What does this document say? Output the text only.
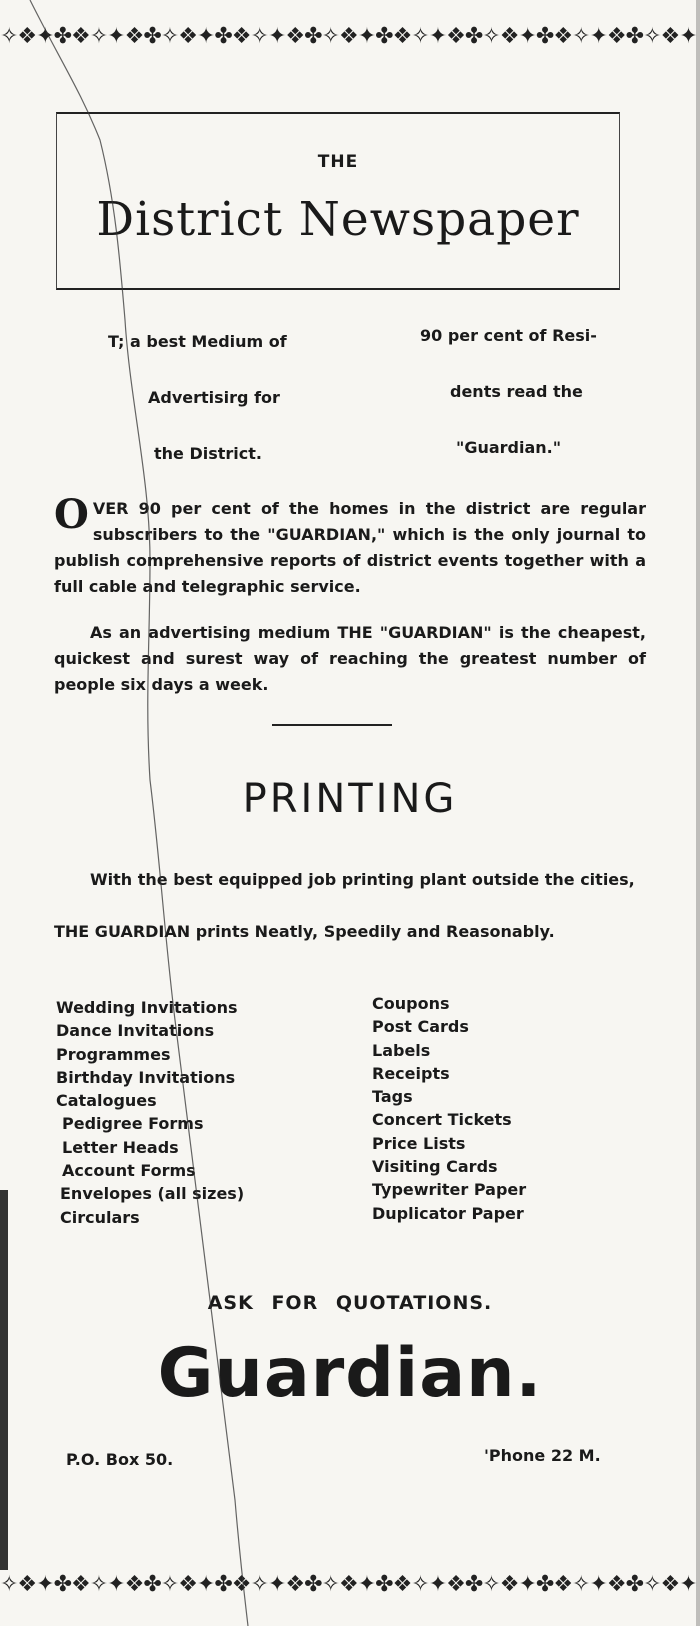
✧❖✦✤❖✧✦❖✤✧❖✦✤❖✧✦❖✤✧❖✦✤❖✧✦❖✤✧❖✦✤❖✧✦❖✤✧❖✦
THE
District Newspaper
T; a best Medium of
Advertisirg for
the District.
90 per cent of Resi-
dents read the
"Guardian."
OVER 90 per cent of the homes in the district are regular subscribers to the "GUARDIAN," which is the only journal to publish comprehensive reports of district events together with a full cable and telegraphic service.
As an advertising medium THE "GUARDIAN" is the cheapest, quickest and surest way of reaching the greatest number of people six days a week.
PRINTING
With the best equipped job printing plant outside the cities,
THE GUARDIAN prints Neatly, Speedily and Reasonably.
Wedding Invitations
Dance Invitations
Programmes
Birthday Invitations
Catalogues
Pedigree Forms
Letter Heads
Account Forms
Envelopes (all sizes)
Circulars
Coupons
Post Cards
Labels
Receipts
Tags
Concert Tickets
Price Lists
Visiting Cards
Typewriter Paper
Duplicator Paper
ASK FOR QUOTATIONS.
Guardian.
P.O. Box 50.	'Phone 22 M.
✧❖✦✤❖✧✦❖✤✧❖✦✤❖✧✦❖✤✧❖✦✤❖✧✦❖✤✧❖✦✤❖✧✦❖✤✧❖✦
